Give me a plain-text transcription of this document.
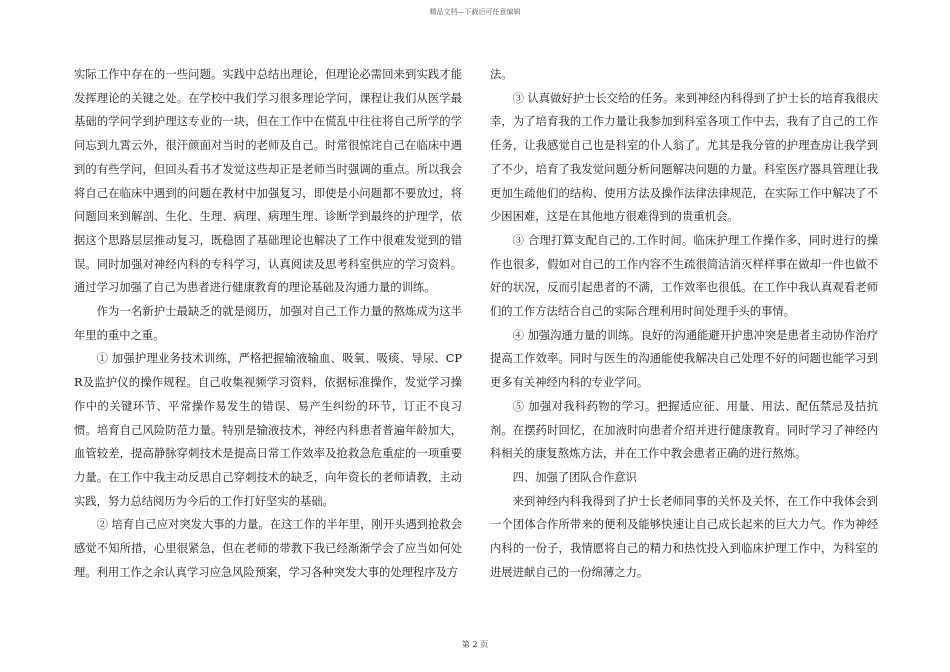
精品文档—下载后可任意编辑

实际工作中存在的一些问题。实践中总结出理论，但理论必需回来到实践才能发挥理论的关键之处。在学校中我们学习很多理论学问，课程让我们从医学最基础的学问学到护理这专业的一块，但在工作中在慌乱中往往将自己所学的学问忘到九霄云外，很汗颜面对当时的老师及自己。时常很惊诧自己在临床中遇到的有些学问，但回头看书才发觉这些却正是老师当时强调的重点。所以我会将自己在临床中遇到的问题在教材中加强复习，即使是小问题都不要放过，将问题回来到解剖、生化、生理、病理、病理生理、诊断学到最终的护理学，依据这个思路层层推动复习，既稳固了基础理论也解决了工作中很难发觉到的错误。同时加强对神经内科的专科学习，认真阅读及思考科室供应的学习资料。通过学习加强了自己为患者进行健康教育的理论基础及沟通力量的训练。

作为一名新护士最缺乏的就是阅历，加强对自己工作力量的熬炼成为这半年里的重中之重。

① 加强护理业务技术训练，严格把握输液输血、吸氧、吸痰、导尿、CPR及监护仪的操作规程。自己收集视频学习资料，依据标准操作，发觉学习操作中的关键环节、平常操作易发生的错误、易产生纠纷的环节，订正不良习惯。培育自己风险防范力量。特别是输液技术，神经内科患者普遍年龄加大，血管较差，提高静脉穿刺技术是提高日常工作效率及抢救急危重症的一项重要力量。在工作中我主动反思自己穿刺技术的缺乏，向年资长的老师请教，主动实践，努力总结阅历为今后的工作打好坚实的基础。

② 培育自己应对突发大事的力量。在这工作的半年里，刚开头遇到抢救会感觉不知所措，心里很紧急，但在老师的带教下我已经渐渐学会了应当如何处理。利用工作之余认真学习应急风险预案，学习各种突发大事的处理程序及方

法。

③ 认真做好护士长交给的任务。来到神经内科得到了护士长的培育我很庆幸，为了培育我的工作力量让我参加到科室各项工作中去，我有了自己的工作任务，让我感觉自己也是科室的仆人翁了。尤其是我分管的护理查房让我学到了不少，培育了我发觉问题分析问题解决问题的力量。科室医疗器具管理让我更加生疏他们的结构、使用方法及操作法律法律规范，在实际工作中解决了不少困困难，这是在其他地方很难得到的贵重机会。

③ 合理打算支配自己的.工作时间。临床护理工作操作多，同时进行的操作也很多，假如对自己的工作内容不生疏很简洁消灭样样事在做却一件也做不好的状况，反而引起患者的不满，工作效率也很低。在工作中我认真观看老师们的工作方法结合自己的实际合理利用时间处理手头的事情。

④ 加强沟通力量的训练。良好的沟通能避开护患冲突是患者主动协作治疗提高工作效率。同时与医生的沟通能使我解决自己处理不好的问题也能学习到更多有关神经内科的专业学问。

⑤ 加强对我科药物的学习。把握适应征、用量、用法、配伍禁忌及拮抗剂。在摆药时回忆，在加液时向患者介绍并进行健康教育。同时学习了神经内科相关的康复熬炼方法，并在工作中教会患者正确的进行熬炼。

四、加强了团队合作意识

来到神经内科我得到了护士长老师同事的关怀及关怀，在工作中我体会到一个团体合作所带来的便利及能够快速让自己成长起来的巨大力气。作为神经内科的一份子，我情愿将自己的精力和热忱投入到临床护理工作中，为科室的进展进献自己的一份绵薄之力。

第 2 页
